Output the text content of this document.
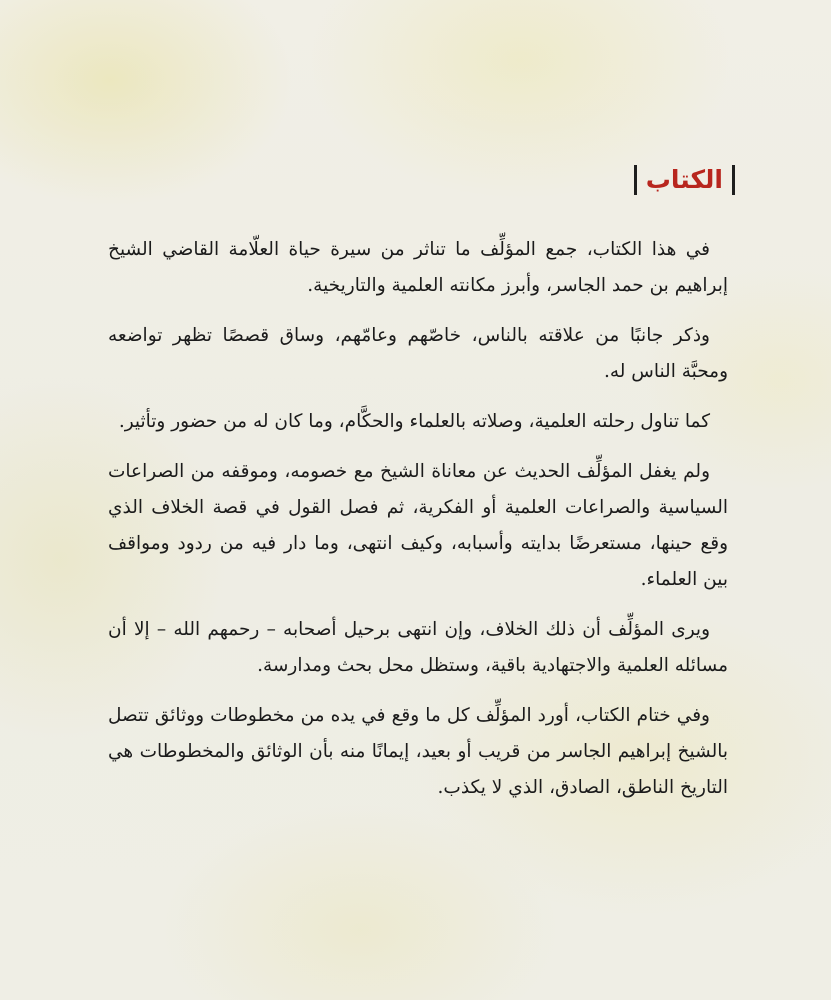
الكتاب

في هذا الكتاب، جمع المؤلِّف ما تناثر من سيرة حياة العلّامة القاضي الشيخ إبراهيم بن حمد الجاسر، وأبرز مكانته العلمية والتاريخية.

وذكر جانبًا من علاقته بالناس، خاصّهم وعامّهم، وساق قصصًا تظهر تواضعه ومحبَّة الناس له.

كما تناول رحلته العلمية، وصلاته بالعلماء والحكَّام، وما كان له من حضور وتأثير.

ولم يغفل المؤلِّف الحديث عن معاناة الشيخ مع خصومه، وموقفه من الصراعات السياسية والصراعات العلمية أو الفكرية، ثم فصل القول في قصة الخلاف الذي وقع حينها، مستعرضًا بدايته وأسبابه، وكيف انتهى، وما دار فيه من ردود ومواقف بين العلماء.

ويرى المؤلِّف أن ذلك الخلاف، وإن انتهى برحيل أصحابه – رحمهم الله – إلا أن مسائله العلمية والاجتهادية باقية، وستظل محل بحث ومدارسة.

وفي ختام الكتاب، أورد المؤلِّف كل ما وقع في يده من مخطوطات ووثائق تتصل بالشيخ إبراهيم الجاسر من قريب أو بعيد، إيمانًا منه بأن الوثائق والمخطوطات هي التاريخ الناطق، الصادق، الذي لا يكذب.
